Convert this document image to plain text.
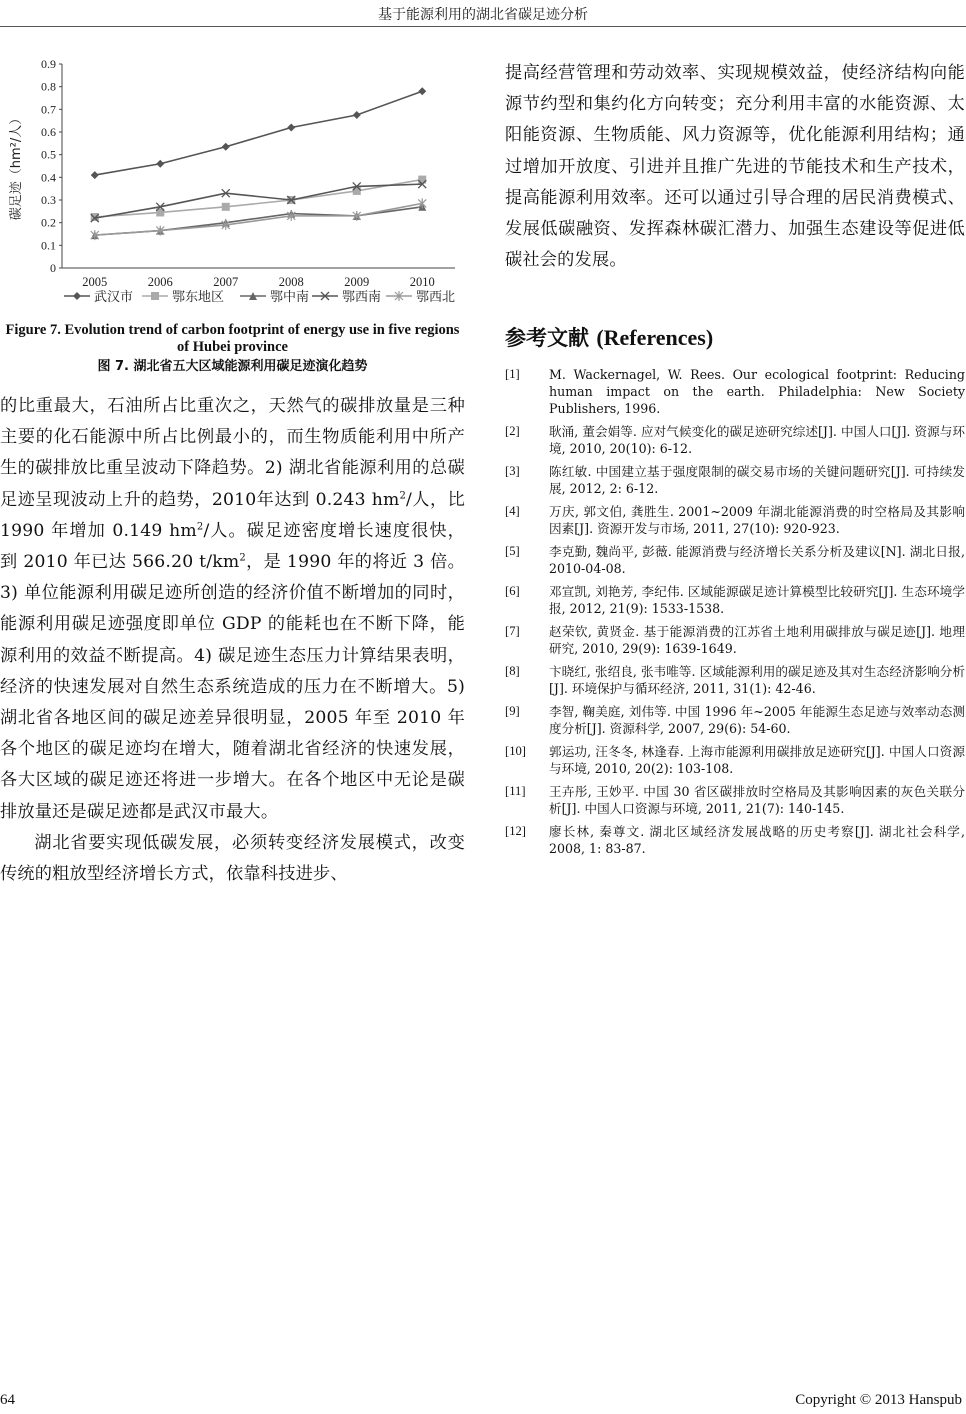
基于能源利用的湖北省碳足迹分析
0
0.1
0.2
0.3
0.4
0.5
0.6
0.7
0.8
0.9
2005	2006	2007	2008	2009	2010
碳足迹（hm²/人）
武汉市	鄂东地区	鄂中南	鄂西南	鄂西北
Figure 7. Evolution trend of carbon footprint of energy use in five regions of Hubei province
图 7. 湖北省五大区域能源利用碳足迹演化趋势

的比重最大，石油所占比重次之，天然气的碳排放量是三种主要的化石能源中所占比例最小的，而生物质能利用中所产生的碳排放比重呈波动下降趋势。2) 湖北省能源利用的总碳足迹呈现波动上升的趋势，2010年达到 0.243 $hm^2/$人，比 1990 年增加 0.149 $hm^2/$人。碳足迹密度增长速度很快，到 2010 年已达 566.20 $t/km^2$，是 1990 年的将近 3 倍。3) 单位能源利用碳足迹所创造的经济价值不断增加的同时，能源利用碳足迹强度即单位 GDP 的能耗也在不断下降，能源利用的效益不断提高。4) 碳足迹生态压力计算结果表明，经济的快速发展对自然生态系统造成的压力在不断增大。5) 湖北省各地区间的碳足迹差异很明显，2005 年至 2010 年各个地区的碳足迹均在增大，随着湖北省经济的快速发展，各大区域的碳足迹还将进一步增大。在各个地区中无论是碳排放量还是碳足迹都是武汉市最大。

湖北省要实现低碳发展，必须转变经济发展模式，改变传统的粗放型经济增长方式，依靠科技进步、

提高经营管理和劳动效率、实现规模效益，使经济结构向能源节约型和集约化方向转变；充分利用丰富的水能资源、太阳能资源、生物质能、风力资源等，优化能源利用结构；通过增加开放度、引进并且推广先进的节能技术和生产技术，提高能源利用效率。还可以通过引导合理的居民消费模式、发展低碳融资、发挥森林碳汇潜力、加强生态建设等促进低碳社会的发展。

参考文献 (References)
[1]	M. Wackernagel, W. Rees. Our ecological footprint: Reducing human impact on the earth. Philadelphia: New Society Publishers, 1996.
[2]	耿涌, 董会娟等. 应对气候变化的碳足迹研究综述[J]. 中国人口[J]. 资源与环境, 2010, 20(10): 6-12.
[3]	陈红敏. 中国建立基于强度限制的碳交易市场的关键问题研究[J]. 可持续发展, 2012, 2: 6-12.
[4]	万庆, 郭文伯, 龚胜生. 2001~2009 年湖北能源消费的时空格局及其影响因素[J]. 资源开发与市场, 2011, 27(10): 920-923.
[5]	李克勤, 魏尚平, 彭薇. 能源消费与经济增长关系分析及建议[N]. 湖北日报, 2010-04-08.
[6]	邓宣凯, 刘艳芳, 李纪伟. 区域能源碳足迹计算模型比较研究[J]. 生态环境学报, 2012, 21(9): 1533-1538.
[7]	赵荣钦, 黄贤金. 基于能源消费的江苏省土地利用碳排放与碳足迹[J]. 地理研究, 2010, 29(9): 1639-1649.
[8]	卞晓红, 张绍良, 张韦唯等. 区域能源利用的碳足迹及其对生态经济影响分析[J]. 环境保护与循环经济, 2011, 31(1): 42-46.
[9]	李智, 鞠美庭, 刘伟等. 中国 1996 年~2005 年能源生态足迹与效率动态测度分析[J]. 资源科学, 2007, 29(6): 54-60.
[10]	郭运功, 汪冬冬, 林逢春. 上海市能源利用碳排放足迹研究[J]. 中国人口资源与环境, 2010, 20(2): 103-108.
[11]	王卉彤, 王妙平. 中国 30 省区碳排放时空格局及其影响因素的灰色关联分析[J]. 中国人口资源与环境, 2011, 21(7): 140-145.
[12]	廖长林, 秦尊文. 湖北区域经济发展战略的历史考察[J]. 湖北社会科学, 2008, 1: 83-87.
64	Copyright © 2013 Hanspub
